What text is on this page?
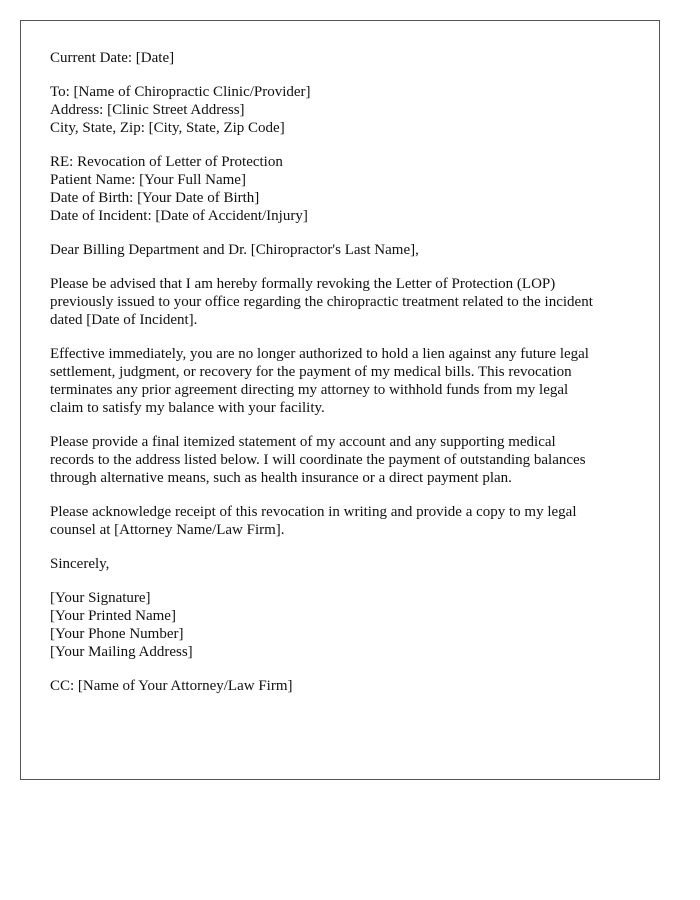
Current Date: [Date]
To: [Name of Chiropractic Clinic/Provider]
Address: [Clinic Street Address]
City, State, Zip: [City, State, Zip Code]
RE: Revocation of Letter of Protection
Patient Name: [Your Full Name]
Date of Birth: [Your Date of Birth]
Date of Incident: [Date of Accident/Injury]
Dear Billing Department and Dr. [Chiropractor's Last Name],
Please be advised that I am hereby formally revoking the Letter of Protection (LOP)
previously issued to your office regarding the chiropractic treatment related to the incident
dated [Date of Incident].
Effective immediately, you are no longer authorized to hold a lien against any future legal
settlement, judgment, or recovery for the payment of my medical bills. This revocation
terminates any prior agreement directing my attorney to withhold funds from my legal
claim to satisfy my balance with your facility.
Please provide a final itemized statement of my account and any supporting medical
records to the address listed below. I will coordinate the payment of outstanding balances
through alternative means, such as health insurance or a direct payment plan.
Please acknowledge receipt of this revocation in writing and provide a copy to my legal
counsel at [Attorney Name/Law Firm].
Sincerely,
[Your Signature]
[Your Printed Name]
[Your Phone Number]
[Your Mailing Address]
CC: [Name of Your Attorney/Law Firm]
